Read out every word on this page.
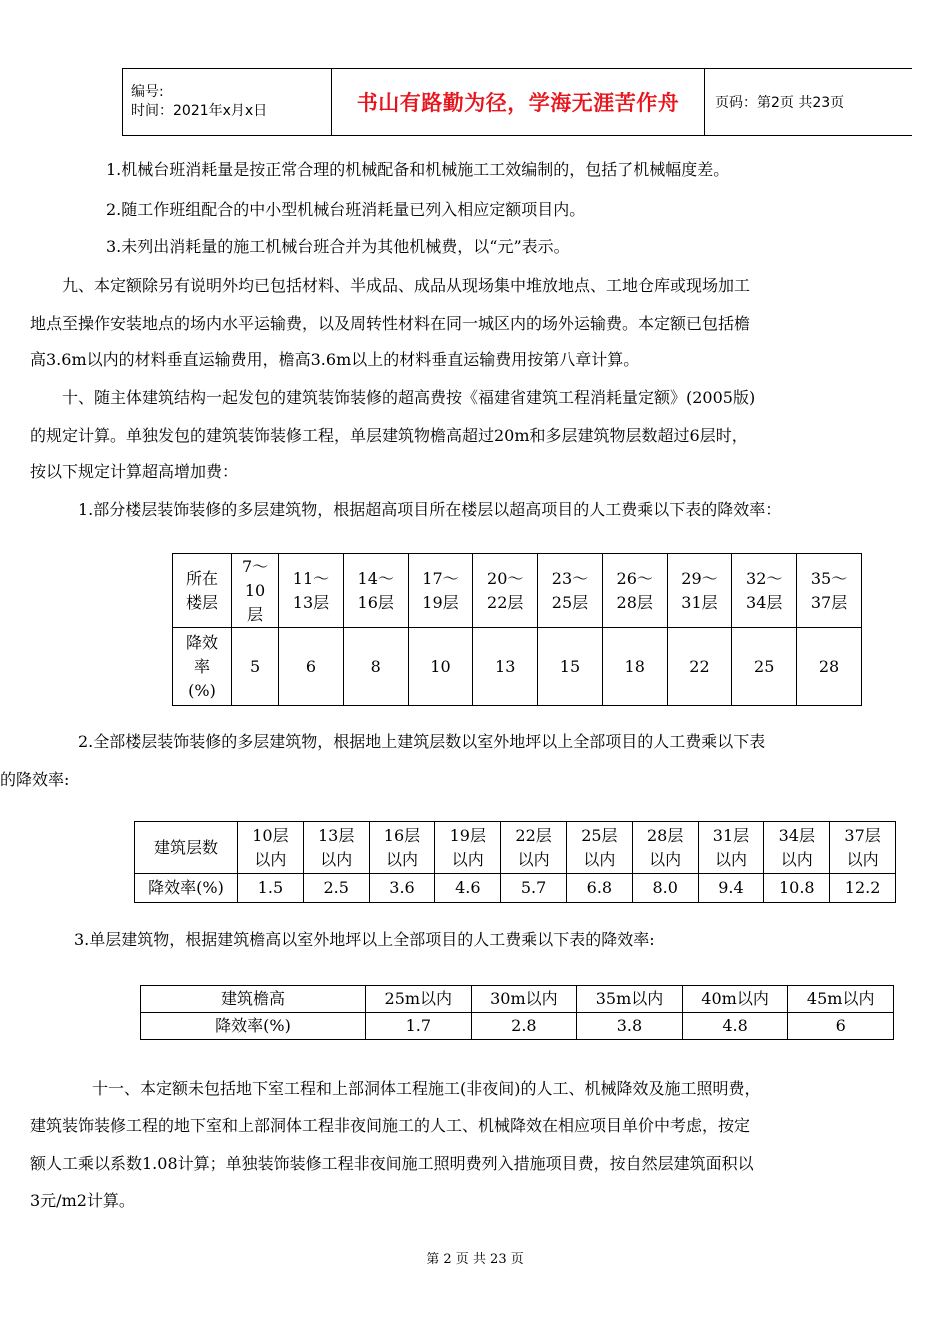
编号:
时间：2021年x月x日	书山有路勤为径，学海无涯苦作舟	页码：第2页 共23页
1.机械台班消耗量是按正常合理的机械配备和机械施工工效编制的，包括了机械幅度差。
2.随工作班组配合的中小型机械台班消耗量已列入相应定额项目内。
3.未列出消耗量的施工机械台班合并为其他机械费，以“元”表示。
九、本定额除另有说明外均已包括材料、半成品、成品从现场集中堆放地点、工地仓库或现场加工
地点至操作安装地点的场内水平运输费，以及周转性材料在同一城区内的场外运输费。本定额已包括檐
高3.6m以内的材料垂直运输费用，檐高3.6m以上的材料垂直运输费用按第八章计算。
十、随主体建筑结构一起发包的建筑装饰装修的超高费按《福建省建筑工程消耗量定额》(2005版)
的规定计算。单独发包的建筑装饰装修工程，单层建筑物檐高超过20m和多层建筑物层数超过6层时，
按以下规定计算超高增加费：
1.部分楼层装饰装修的多层建筑物，根据超高项目所在楼层以超高项目的人工费乘以下表的降效率：
所在
楼层	7～
10
层	11～
13层	14～
16层	17～
19层	20～
22层	23～
25层	26～
28层	29～
31层	32～
34层	35～
37层
降效
率
(%)	5	6	8	10	13	15	18	22	25	28
2.全部楼层装饰装修的多层建筑物，根据地上建筑层数以室外地坪以上全部项目的人工费乘以下表
的降效率:
建筑层数	10层
以内	13层
以内	16层
以内	19层
以内	22层
以内	25层
以内	28层
以内	31层
以内	34层
以内	37层
以内
降效率(%)	1.5	2.5	3.6	4.6	5.7	6.8	8.0	9.4	10.8	12.2
3.单层建筑物，根据建筑檐高以室外地坪以上全部项目的人工费乘以下表的降效率:
建筑檐高	25m以内	30m以内	35m以内	40m以内	45m以内
降效率(%)	1.7	2.8	3.8	4.8	6
十一、本定额未包括地下室工程和上部洞体工程施工(非夜间)的人工、机械降效及施工照明费，
建筑装饰装修工程的地下室和上部洞体工程非夜间施工的人工、机械降效在相应项目单价中考虑，按定
额人工乘以系数1.08计算；单独装饰装修工程非夜间施工照明费列入措施项目费，按自然层建筑面积以
3元/m2计算。
第 2 页 共 23 页
